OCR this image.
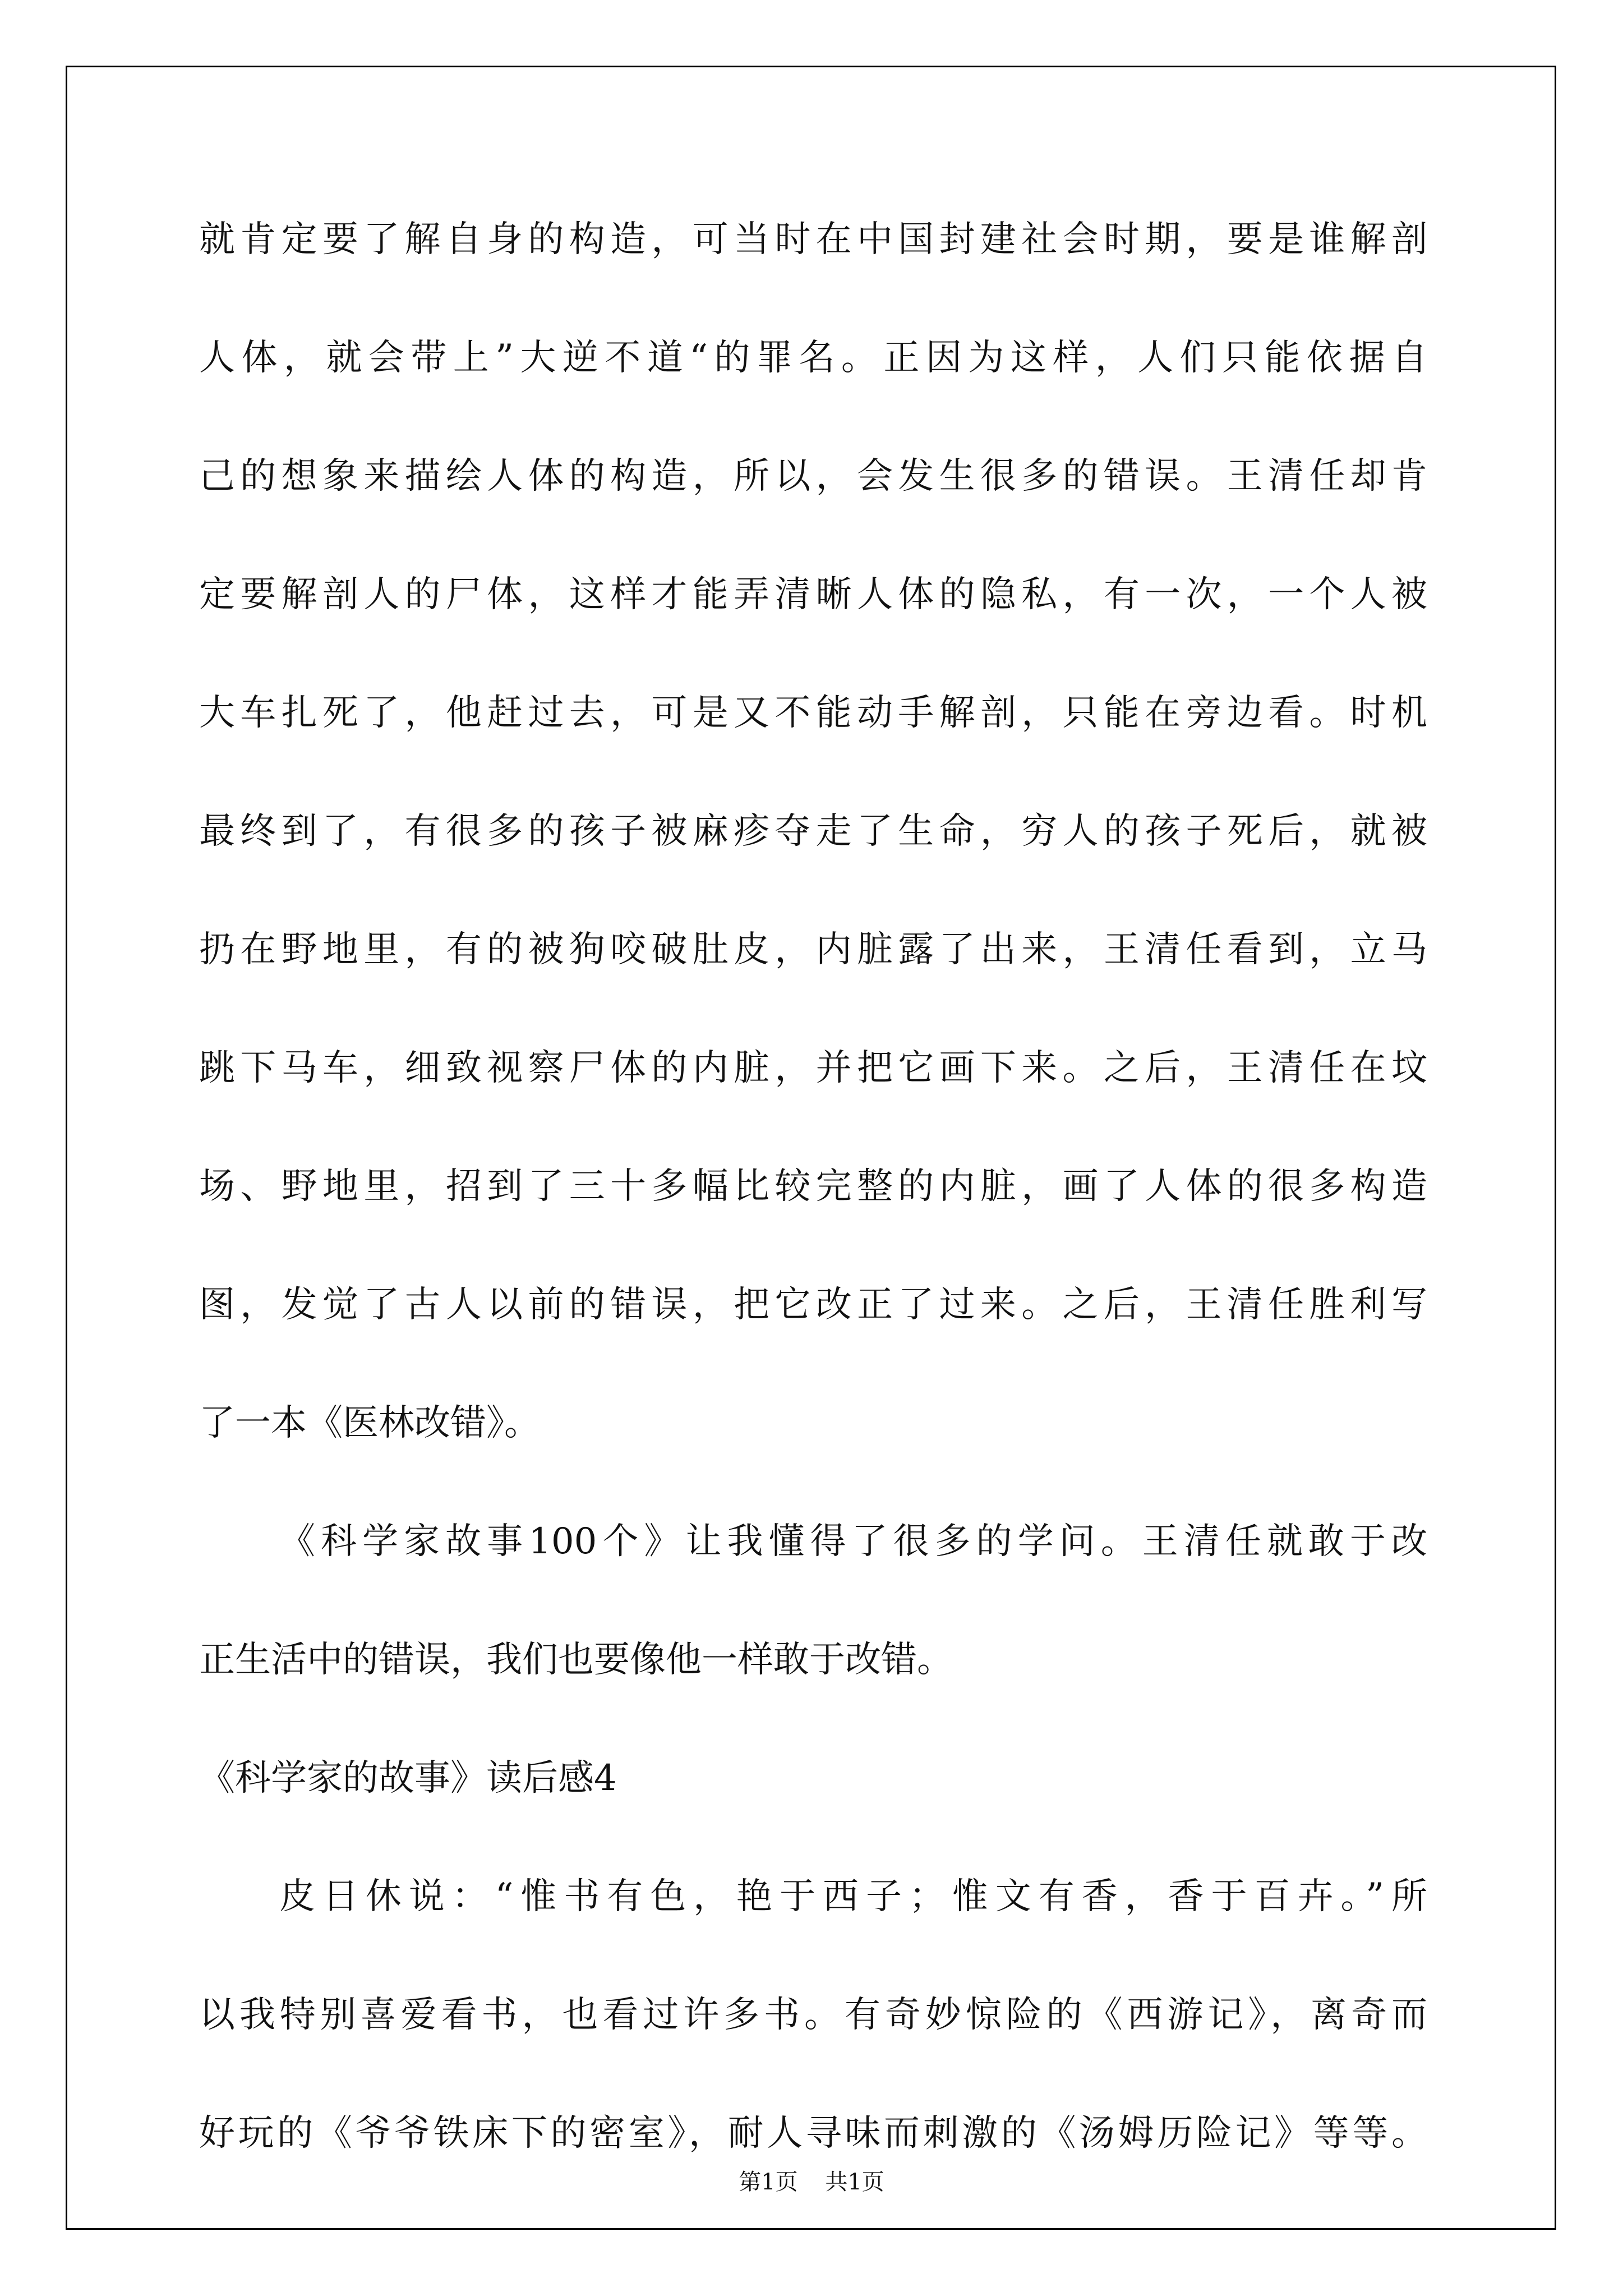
就肯定要了解自身的构造，可当时在中国封建社会时期，要是谁解剖
人体，就会带上”大逆不道“的罪名。正因为这样，人们只能依据自
己的想象来描绘人体的构造，所以，会发生很多的错误。王清任却肯
定要解剖人的尸体，这样才能弄清晰人体的隐私，有一次，一个人被
大车扎死了，他赶过去，可是又不能动手解剖，只能在旁边看。时机
最终到了，有很多的孩子被麻疹夺走了生命，穷人的孩子死后，就被
扔在野地里，有的被狗咬破肚皮，内脏露了出来，王清任看到，立马
跳下马车，细致视察尸体的内脏，并把它画下来。之后，王清任在坟
场、野地里，招到了三十多幅比较完整的内脏，画了人体的很多构造
图，发觉了古人以前的错误，把它改正了过来。之后，王清任胜利写
了一本《医林改错》。
《科学家故事100个》让我懂得了很多的学问。王清任就敢于改
正生活中的错误，我们也要像他一样敢于改错。
《科学家的故事》读后感4
皮日休说：“惟书有色，艳于西子；惟文有香，香于百卉。”所
以我特别喜爱看书，也看过许多书。有奇妙惊险的《西游记》，离奇而
好玩的《爷爷铁床下的密室》，耐人寻味而刺激的《汤姆历险记》等等。
第1页 共1页
